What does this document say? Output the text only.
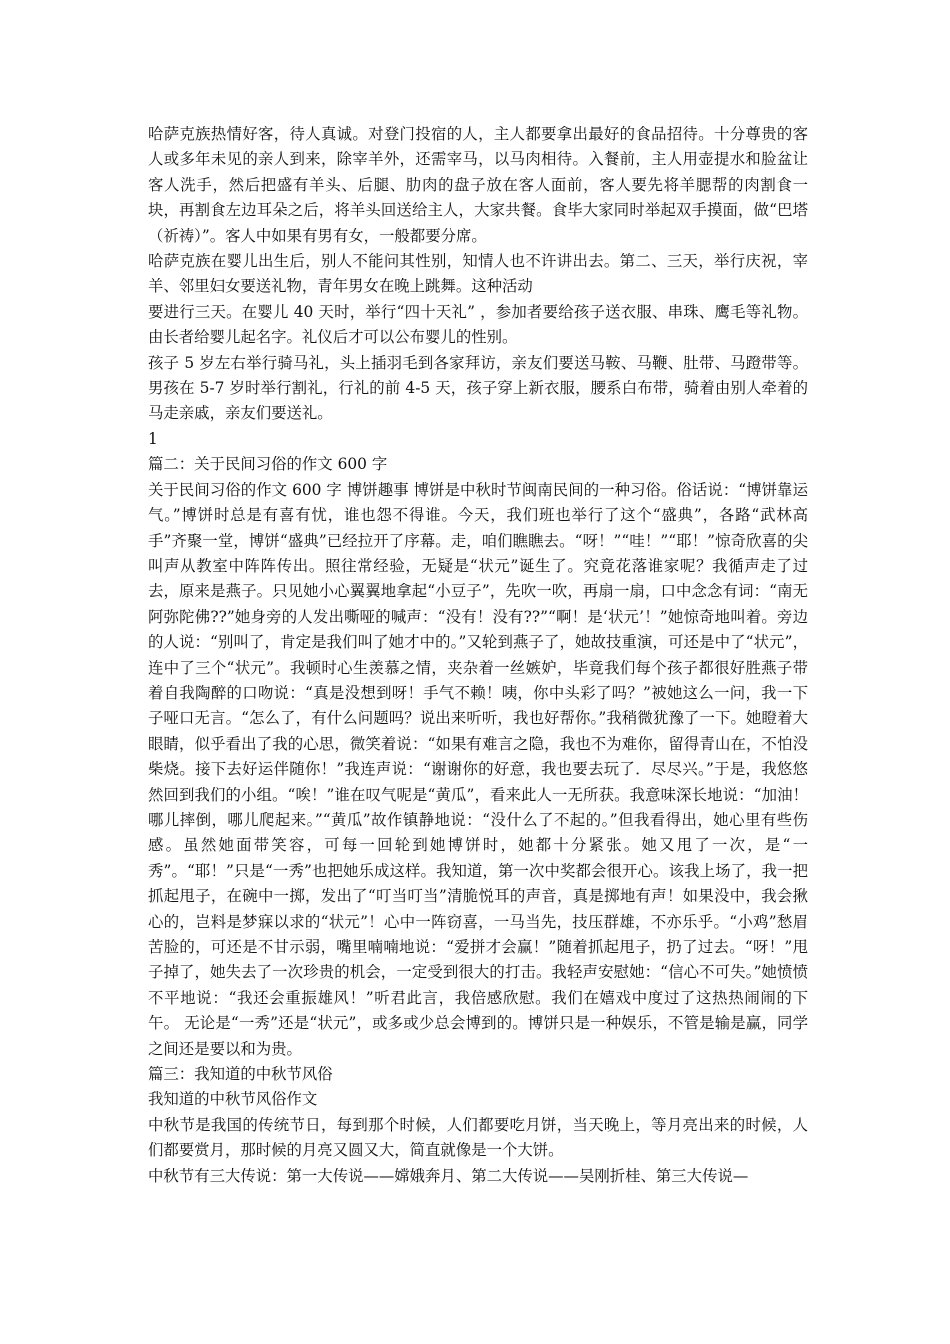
哈萨克族热情好客，待人真诚。对登门投宿的人，主人都要拿出最好的食品招待。十分尊贵的客人或多年未见的亲人到来，除宰羊外，还需宰马，以马肉相待。入餐前，主人用壶提水和脸盆让客人洗手，然后把盛有羊头、后腿、肋肉的盘子放在客人面前，客人要先将羊腮帮的肉割食一块，再割食左边耳朵之后，将羊头回送给主人，大家共餐。食毕大家同时举起双手摸面，做“巴塔（祈祷）”。客人中如果有男有女，一般都要分席。

哈萨克族在婴儿出生后，别人不能问其性别，知情人也不许讲出去。第二、三天，举行庆祝，宰羊、邻里妇女要送礼物，青年男女在晚上跳舞。这种活动

要进行三天。在婴儿 40 天时，举行“四十天礼” ，参加者要给孩子送衣服、串珠、鹰毛等礼物。由长者给婴儿起名字。礼仪后才可以公布婴儿的性别。

孩子 5 岁左右举行骑马礼，头上插羽毛到各家拜访，亲友们要送马鞍、马鞭、肚带、马蹬带等。男孩在 5-7 岁时举行割礼，行礼的前 4-5 天，孩子穿上新衣服，腰系白布带，骑着由别人牵着的马走亲戚，亲友们要送礼。

1

篇二：关于民间习俗的作文 600 字

关于民间习俗的作文 600 字 博饼趣事 博饼是中秋时节闽南民间的一种习俗。俗话说：“博饼靠运气。”博饼时总是有喜有忧，谁也怨不得谁。今天，我们班也举行了这个“盛典”，各路“武林高手”齐聚一堂，博饼“盛典”已经拉开了序幕。走，咱们瞧瞧去。“呀！”“哇！”“耶！”惊奇欣喜的尖叫声从教室中阵阵传出。照往常经验，无疑是“状元”诞生了。究竟花落谁家呢？我循声走了过去，原来是燕子。只见她小心翼翼地拿起“小豆子”，先吹一吹，再扇一扇，口中念念有词：“南无阿弥陀佛??”她身旁的人发出嘶哑的喊声：“没有！没有??”“啊！是‘状元’！”她惊奇地叫着。旁边的人说：“别叫了，肯定是我们叫了她才中的。”又轮到燕子了，她故技重演，可还是中了“状元”，连中了三个“状元”。我顿时心生羡慕之情，夹杂着一丝嫉妒，毕竟我们每个孩子都很好胜燕子带着自我陶醉的口吻说：“真是没想到呀！手气不赖！咦，你中头彩了吗？”被她这么一问，我一下子哑口无言。“怎么了，有什么问题吗？说出来听听，我也好帮你。”我稍微犹豫了一下。她瞪着大眼睛，似乎看出了我的心思，微笑着说：“如果有难言之隐，我也不为难你，留得青山在，不怕没柴烧。接下去好运伴随你！”我连声说：“谢谢你的好意，我也要去玩了．尽尽兴。”于是，我悠悠然回到我们的小组。“唉！”谁在叹气呢是“黄瓜”，看来此人一无所获。我意味深长地说：“加油！哪儿摔倒，哪儿爬起来。”“黄瓜”故作镇静地说：“没什么了不起的。”但我看得出，她心里有些伤感。虽然她面带笑容，可每一回轮到她博饼时，她都十分紧张。她又甩了一次，是“一秀”。“耶！”只是“一秀”也把她乐成这样。我知道，第一次中奖都会很开心。该我上场了，我一把抓起甩子，在碗中一掷，发出了“叮当叮当”清脆悦耳的声音，真是掷地有声！如果没中，我会揪心的，岂料是梦寐以求的“状元”！心中一阵窃喜，一马当先，技压群雄，不亦乐乎。“小鸡”愁眉苦脸的，可还是不甘示弱，嘴里喃喃地说：“爱拼才会赢！”随着抓起甩子，扔了过去。“呀！”甩子掉了，她失去了一次珍贵的机会，一定受到很大的打击。我轻声安慰她：“信心不可失。”她愤愤不平地说：“我还会重振雄风！”听君此言，我倍感欣慰。我们在嬉戏中度过了这热热闹闹的下午。 无论是“一秀”还是“状元”，或多或少总会博到的。博饼只是一种娱乐，不管是输是赢，同学之间还是要以和为贵。

篇三：我知道的中秋节风俗

我知道的中秋节风俗作文

中秋节是我国的传统节日，每到那个时候，人们都要吃月饼，当天晚上，等月亮出来的时候，人们都要赏月，那时候的月亮又圆又大，简直就像是一个大饼。

中秋节有三大传说：第一大传说——嫦娥奔月、第二大传说——吴刚折桂、第三大传说—
